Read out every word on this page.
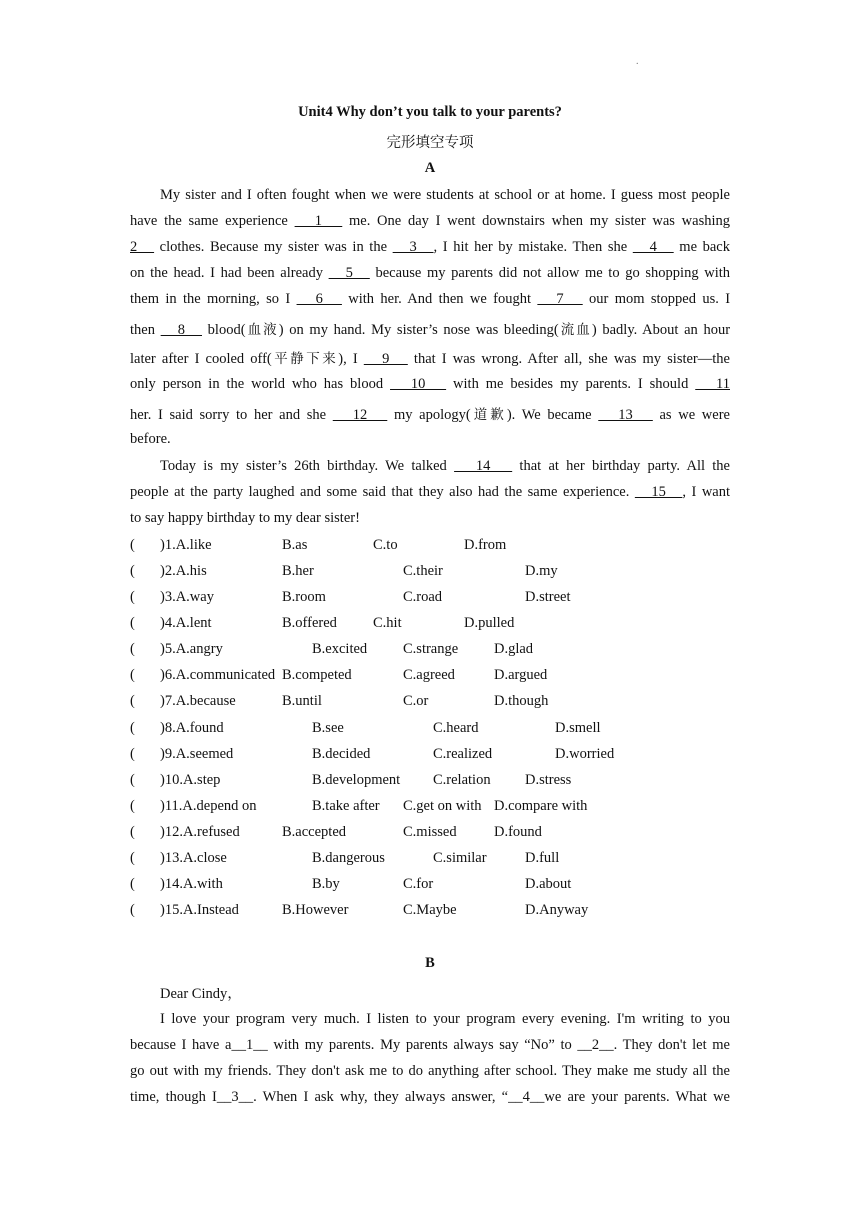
.
Unit4 Why don’t you talk to your parents?
完形填空专项
A
My sister and I often fought when we were students at school or at home. I guess most people
have the same experience    1    me. One day I went downstairs when my sister was washing
2    clothes. Because my sister was in the    3   , I hit her by mistake. Then she    4    me back
on the head. I had been already    5    because my parents did not allow me to go shopping with
them in the morning, so I    6    with her. And then we fought    7    our mom stopped us. I
then    8    blood(血液) on my hand. My sister’s nose was bleeding(流血) badly. About an hour
later after I cooled off(平静下来), I    9    that I was wrong. After all, she was my sister—the
only person in the world who has blood    10    with me besides my parents. I should    11
her. I said sorry to her and she    12    my apology(道歉). We became    13    as we were
before.
Today is my sister’s 26th birthday. We talked    14    that at her birthday party. All the
people at the party laughed and some said that they also had the same experience.    15   , I want
to say happy birthday to my dear sister!
( )1.A.like	B.as	C.to	D.from
( )2.A.his	B.her	C.their	D.my
( )3.A.way	B.room	C.road	D.street
( )4.A.lent	B.offered C.hit	D.pulled
( )5.A.angry	B.excited C.strange D.glad
( )6.A.communicated B.competed	C.agreed	D.argued
( )7.A.because	B.until	C.or	D.though
( )8.A.found	B.see	C.heard	D.smell
( )9.A.seemed	B.decided	C.realized	D.worried
( )10.A.step	B.development C.relation D.stress
( )11.A.depend on	B.take after C.get on with D.compare with
( )12.A.refused	B.accepted	C.missed	D.found
( )13.A.close	B.dangerous	C.similar	D.full
( )14.A.with	B.by	C.for	D.about
( )15.A.Instead	B.However	C.Maybe	D.Anyway
B
Dear Cindy，
I love your program very much. I listen to your program every evening. I'm writing to you
because I have a__1__ with my parents. My parents always say “No” to __2__. They don't let me
go out with my friends. They don't ask me to do anything after school. They make me study all the
time, though I__3__. When I ask why, they always answer, “__4__we are your parents. What we
